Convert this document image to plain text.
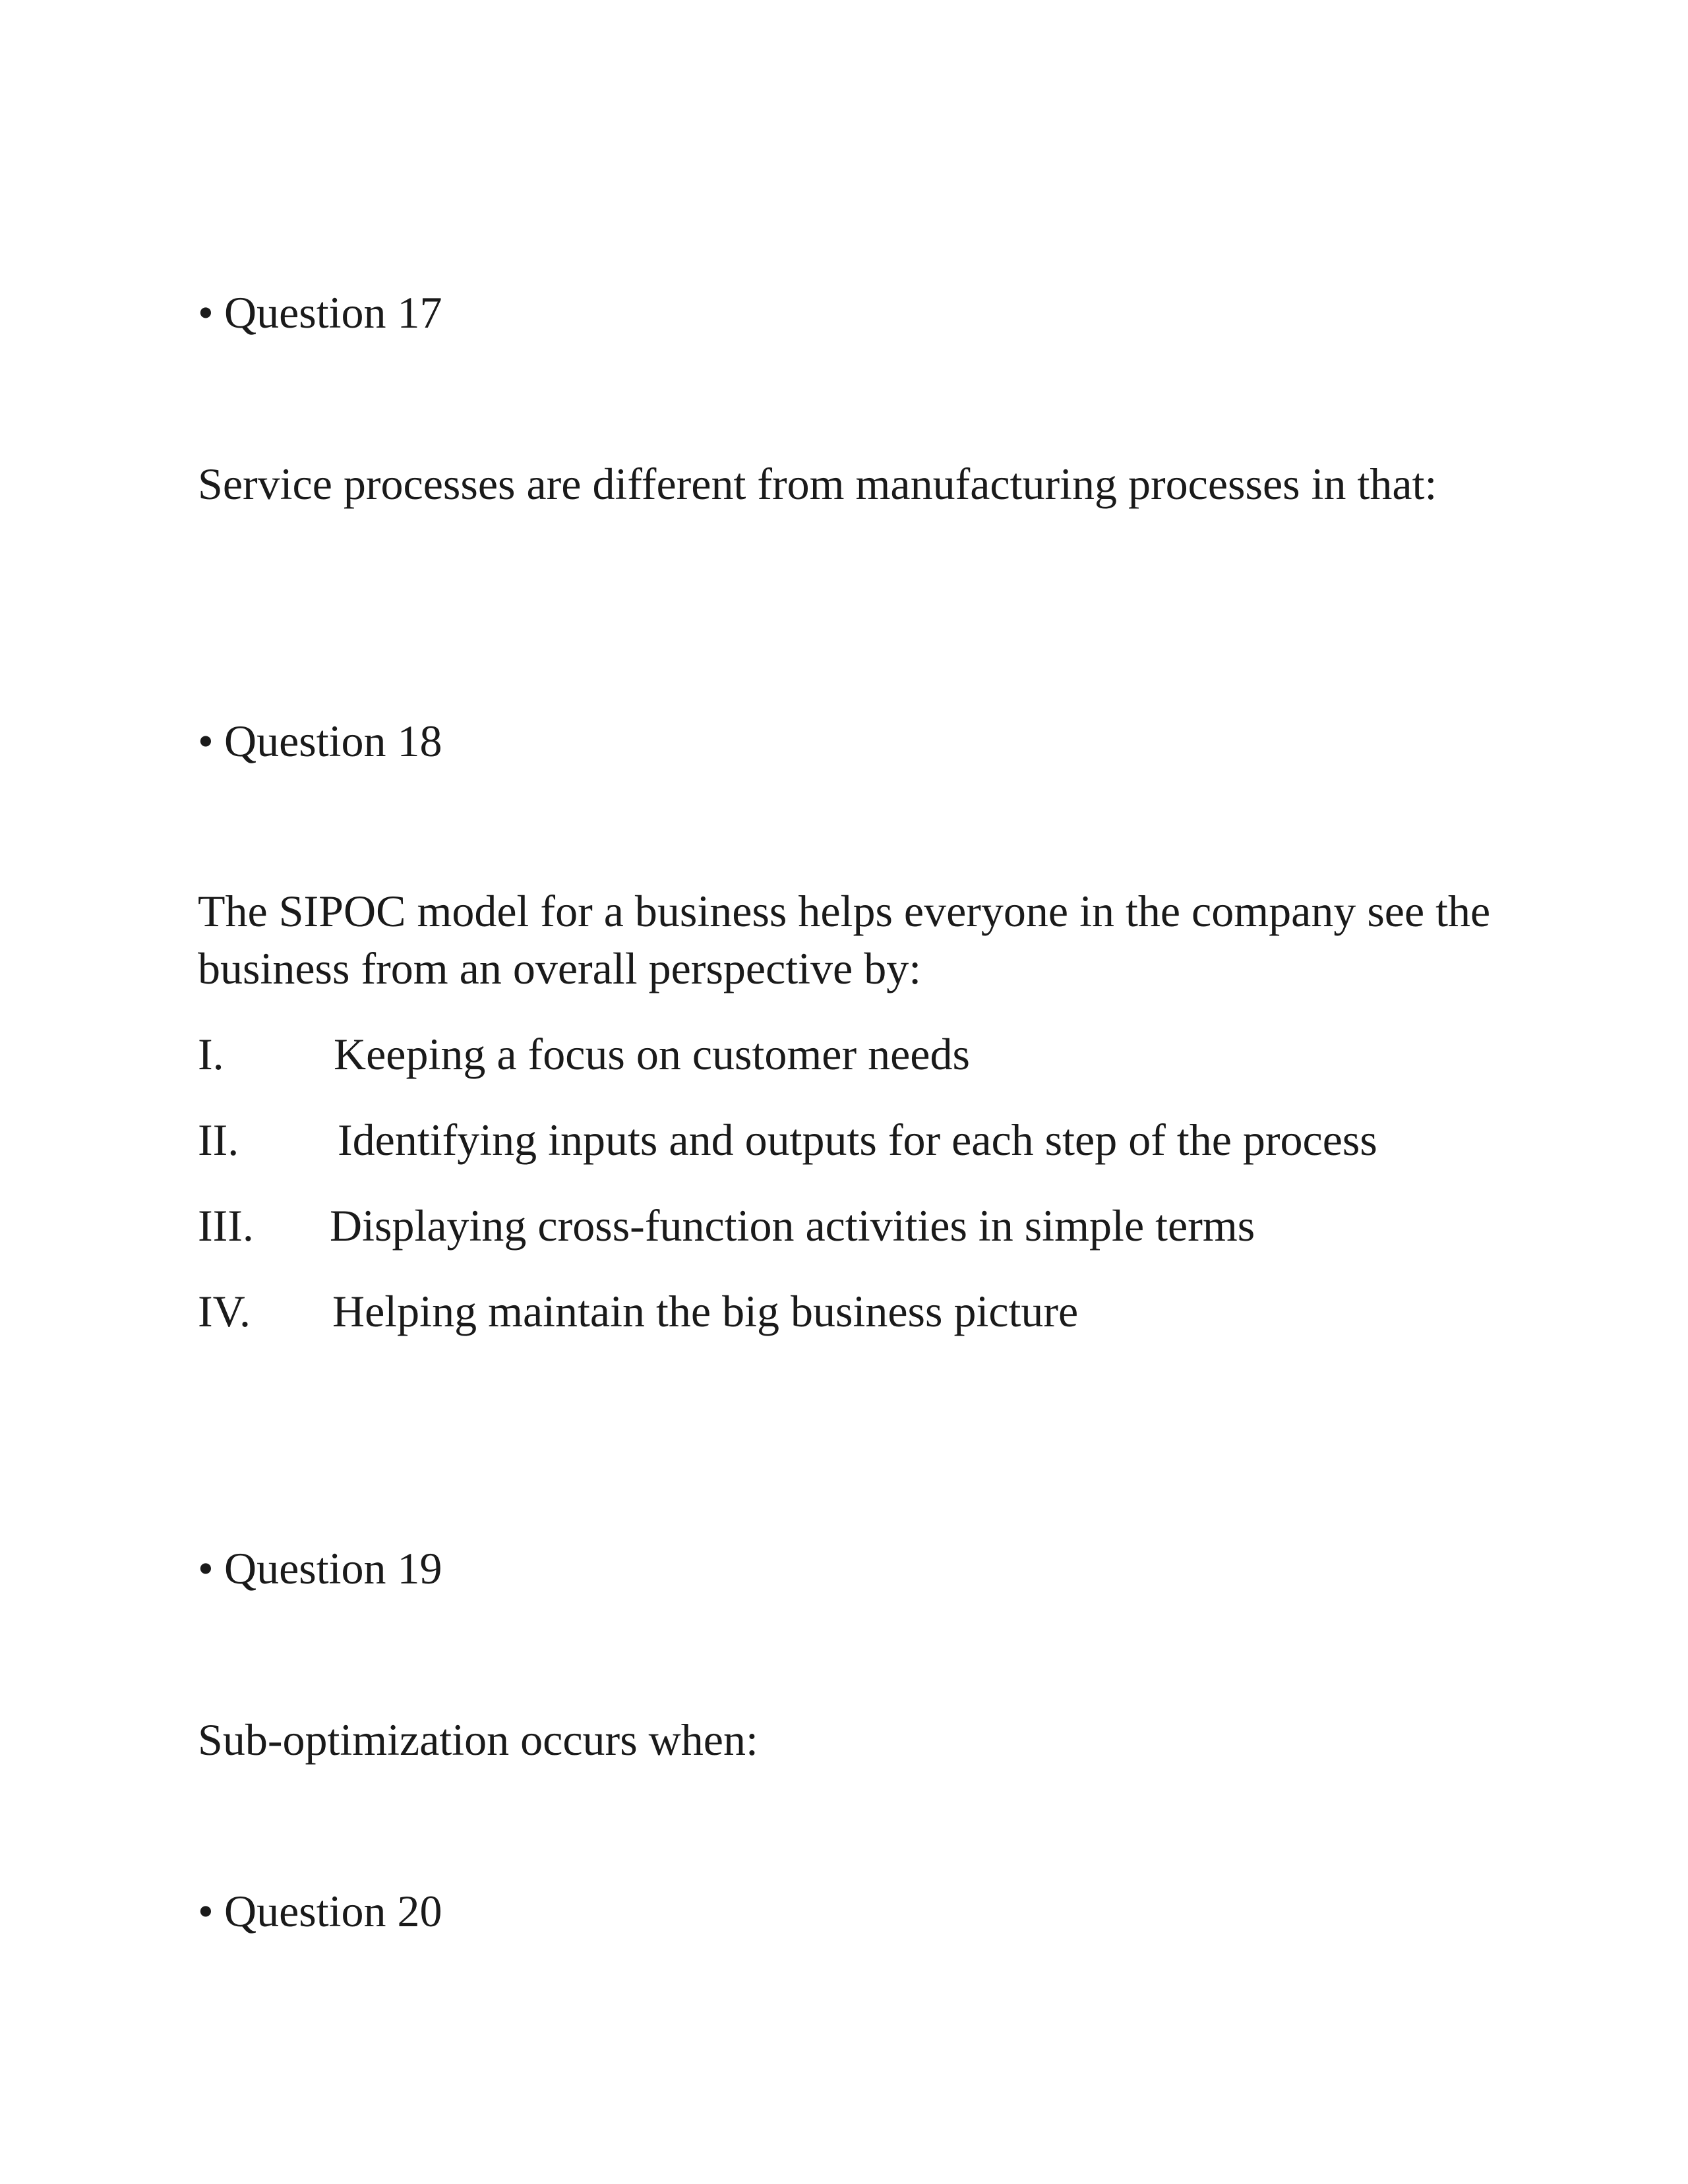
• Question 17
Service processes are different from manufacturing processes in that:
• Question 18
The SIPOC model for a business helps everyone in the company see the
business from an overall perspective by:
I. Keeping a focus on customer needs
II. Identifying inputs and outputs for each step of the process
III. Displaying cross-function activities in simple terms
IV. Helping maintain the big business picture
• Question 19
Sub-optimization occurs when:
• Question 20
